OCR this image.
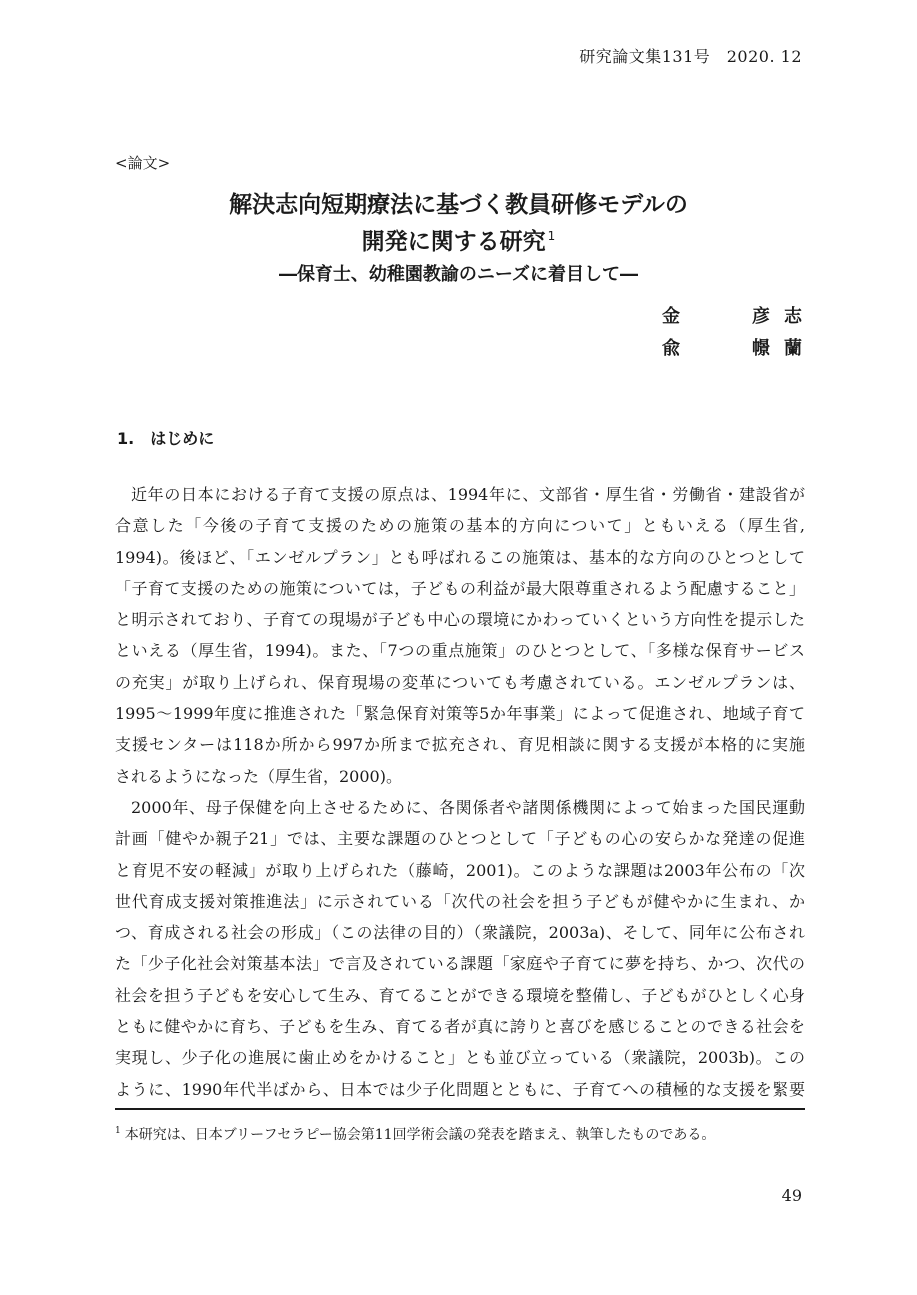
研究論文集131号　2020. 12
<論文>
解決志向短期療法に基づく教員研修モデルの
開発に関する研究 $^1$
―保育士、幼稚園教諭のニーズに着目して―
金	彦志
兪	幜蘭
1.　はじめに
近年の日本における子育て支援の原点は、1994年に、文部省・厚生省・労働省・建設省が
合意した「今後の子育て支援のための施策の基本的方向について」ともいえる（厚生省,
1994)。後ほど、「エンゼルプラン」とも呼ばれるこの施策は、基本的な方向のひとつとして
「子育て支援のための施策については，子どもの利益が最大限尊重されるよう配慮すること」
と明示されており、子育ての現場が子ども中心の環境にかわっていくという方向性を提示した
といえる（厚生省，1994)。また、「7つの重点施策」のひとつとして、「多様な保育サービス
の充実」が取り上げられ、保育現場の変革についても考慮されている。エンゼルプランは、
1995～1999年度に推進された「緊急保育対策等5か年事業」によって促進され、地域子育て
支援センターは118か所から997か所まで拡充され、育児相談に関する支援が本格的に実施
されるようになった（厚生省，2000)。
2000年、母子保健を向上させるために、各関係者や諸関係機関によって始まった国民運動
計画「健やか親子21」では、主要な課題のひとつとして「子どもの心の安らかな発達の促進
と育児不安の軽減」が取り上げられた（藤崎，2001)。このような課題は2003年公布の「次
世代育成支援対策推進法」に示されている「次代の社会を担う子どもが健やかに生まれ、か
つ、育成される社会の形成」（この法律の目的）（衆議院，2003a)、そして、同年に公布され
た「少子化社会対策基本法」で言及されている課題「家庭や子育てに夢を持ち、かつ、次代の
社会を担う子どもを安心して生み、育てることができる環境を整備し、子どもがひとしく心身
ともに健やかに育ち、子どもを生み、育てる者が真に誇りと喜びを感じることのできる社会を
実現し、少子化の進展に歯止めをかけること」とも並び立っている（衆議院，2003b)。この
ように、1990年代半ばから、日本では少子化問題とともに、子育てへの積極的な支援を緊要
$^1$ 本研究は、日本ブリーフセラピー協会第11回学術会議の発表を踏まえ、執筆したものである。
49
